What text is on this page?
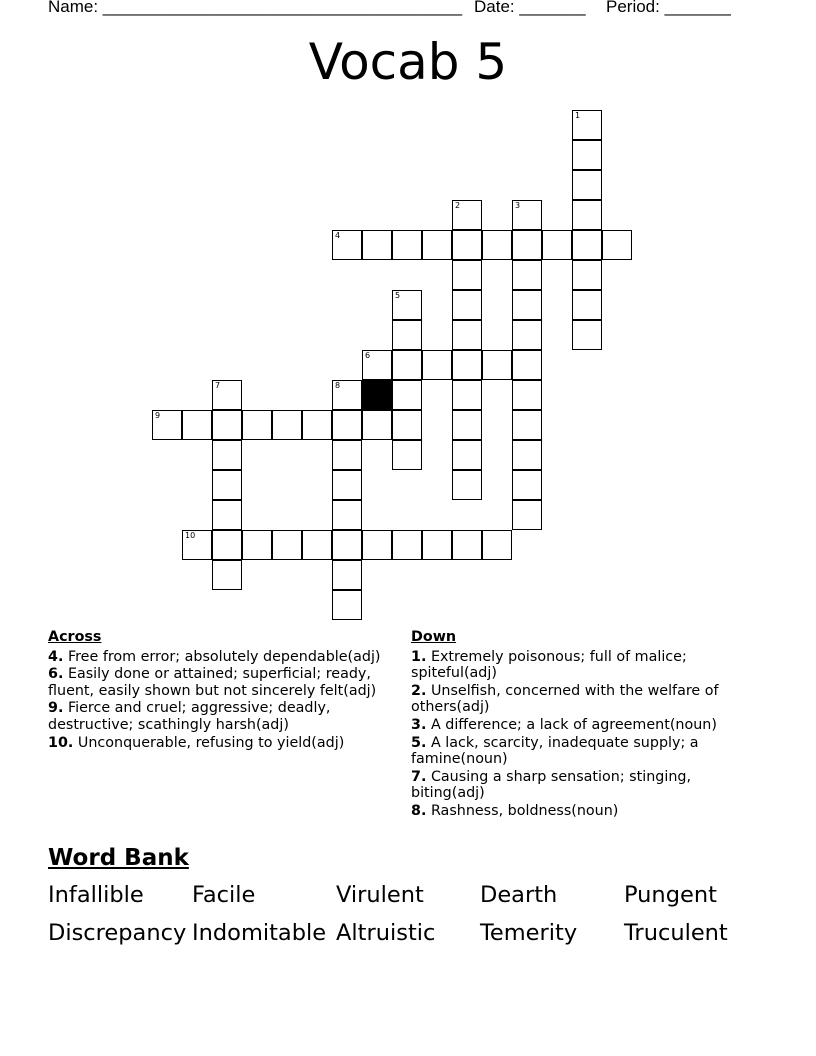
Name: ______________________________________

Date: _______

Period: _______

Vocab 5
1
2	3
4
5
6
7	8
9
10
Across
4. Free from error; absolutely dependable(adj)
6. Easily done or attained; superficial; ready, fluent, easily shown but not sincerely felt(adj)
9. Fierce and cruel; aggressive; deadly, destructive; scathingly harsh(adj)
10. Unconquerable, refusing to yield(adj)
Down
1. Extremely poisonous; full of malice; spiteful(adj)
2. Unselfish, concerned with the welfare of others(adj)
3. A difference; a lack of agreement(noun)
5. A lack, scarcity, inadequate supply; a famine(noun)
7. Causing a sharp sensation; stinging, biting(adj)
8. Rashness, boldness(noun)
Word Bank
Infallible Facile	Virulent Dearth	Pungent
Discrepancy Indomitable Altruistic Temerity Truculent
